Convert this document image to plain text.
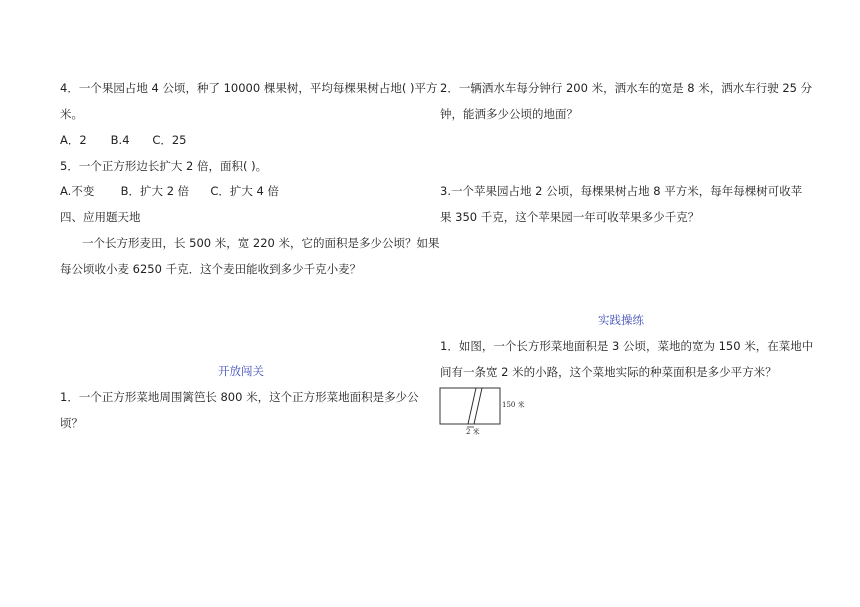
4．一个果园占地 4 公顷，种了 10000 棵果树，平均每棵果树占地( )平方

米。

A．2 B.4 C．25

5．一个正方形边长扩大 2 倍，面积( )。

A.不变 B．扩大 2 倍 C．扩大 4 倍

四、应用题天地

一个长方形麦田，长 500 米，宽 220 米，它的面积是多少公顷？如果

每公顷收小麦 6250 千克．这个麦田能收到多少千克小麦？

开放闯关

1．一个正方形菜地周围篱笆长 800 米，这个正方形菜地面积是多少公

顷？

2．一辆洒水车每分钟行 200 米，洒水车的宽是 8 米，洒水车行驶 25 分

钟，能洒多少公顷的地面？

3.一个苹果园占地 2 公顷，每棵果树占地 8 平方米，每年每棵树可收苹

果 350 千克，这个苹果园一年可收苹果多少千克？

实践操练

1．如图，一个长方形菜地面积是 3 公顷，菜地的宽为 150 米，在菜地中

间有一条宽 2 米的小路，这个菜地实际的种菜面积是多少平方米？

150 米
2 米
